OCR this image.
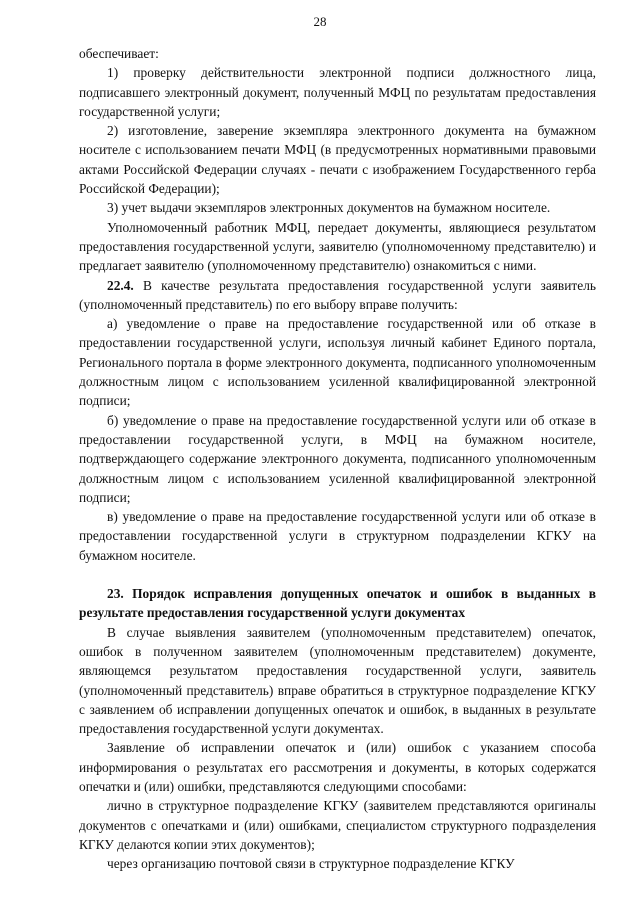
28

обеспечивает:

1) проверку действительности электронной подписи должностного лица, подписавшего электронный документ, полученный МФЦ по результатам предоставления государственной услуги;

2) изготовление, заверение экземпляра электронного документа на бумажном носителе с использованием печати МФЦ (в предусмотренных нормативными правовыми актами Российской Федерации случаях - печати с изображением Государственного герба Российской Федерации);

3) учет выдачи экземпляров электронных документов на бумажном носителе.

Уполномоченный работник МФЦ, передает документы, являющиеся результатом предоставления государственной услуги, заявителю (уполномоченному представителю) и предлагает заявителю (уполномоченному представителю) ознакомиться с ними.

22.4. В качестве результата предоставления государственной услуги заявитель (уполномоченный представитель) по его выбору вправе получить:

а) уведомление о праве на предоставление государственной или об отказе в предоставлении государственной услуги, используя личный кабинет Единого портала, Регионального портала в форме электронного документа, подписанного уполномоченным должностным лицом с использованием усиленной квалифицированной электронной подписи;

б) уведомление о праве на предоставление государственной услуги или об отказе в предоставлении государственной услуги, в МФЦ на бумажном носителе, подтверждающего содержание электронного документа, подписанного уполномоченным должностным лицом с использованием усиленной квалифицированной электронной подписи;

в) уведомление о праве на предоставление государственной услуги или об отказе в предоставлении государственной услуги в структурном подразделении КГКУ на бумажном носителе.

23. Порядок исправления допущенных опечаток и ошибок в выданных в результате предоставления государственной услуги документах

В случае выявления заявителем (уполномоченным представителем) опечаток, ошибок в полученном заявителем (уполномоченным представителем) документе, являющемся результатом предоставления государственной услуги, заявитель (уполномоченный представитель) вправе обратиться в структурное подразделение КГКУ с заявлением об исправлении допущенных опечаток и ошибок, в выданных в результате предоставления государственной услуги документах.

Заявление об исправлении опечаток и (или) ошибок с указанием способа информирования о результатах его рассмотрения и документы, в которых содержатся опечатки и (или) ошибки, представляются следующими способами:

лично в структурное подразделение КГКУ (заявителем представляются оригиналы документов с опечатками и (или) ошибками, специалистом структурного подразделения КГКУ делаются копии этих документов);

через организацию почтовой связи в структурное подразделение КГКУ
